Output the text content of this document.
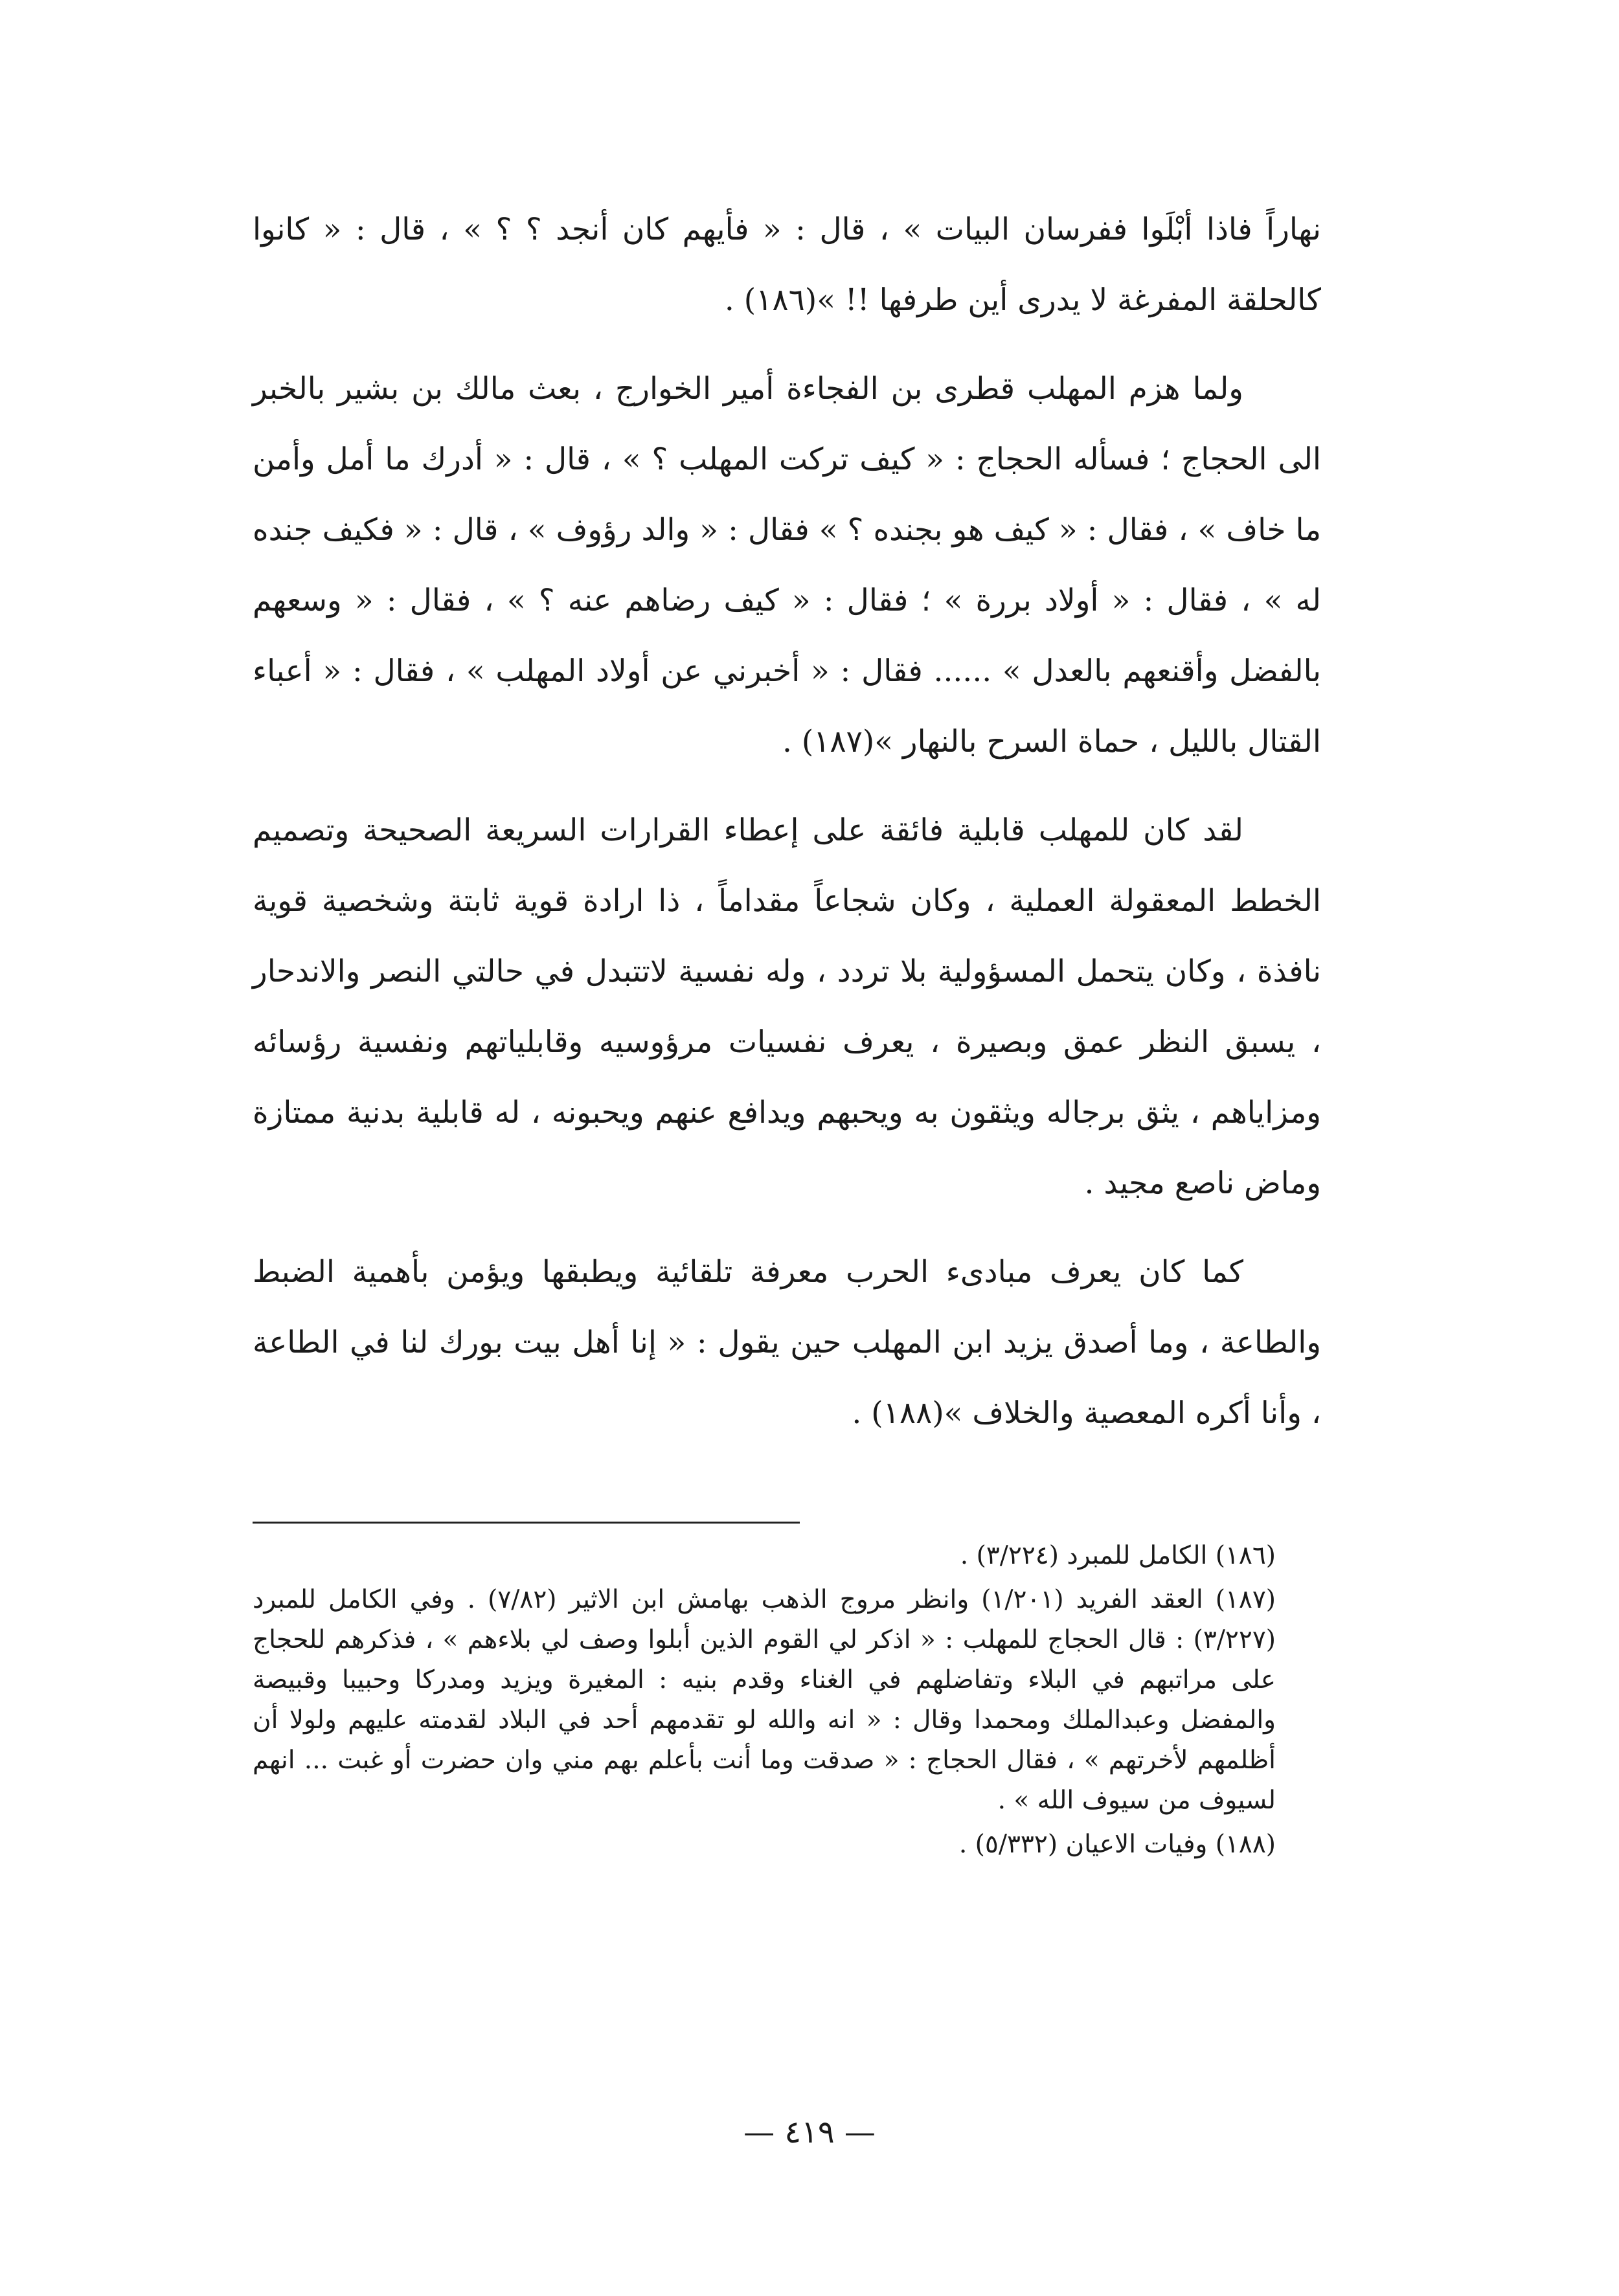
نهاراً فاذا أبْلَوا ففرسان البيات » ، قال : « فأيهم كان أنجد ؟ ؟ » ، قال : « كانوا كالحلقة المفرغة لا يدرى أين طرفها !! »(١٨٦) .

ولما هزم المهلب قطرى بن الفجاءة أمير الخوارج ، بعث مالك بن بشير بالخبر الى الحجاج ؛ فسأله الحجاج : « كيف تركت المهلب ؟ » ، قال : « أدرك ما أمل وأمن ما خاف » ، فقال : « كيف هو بجنده ؟ » فقال : « والد رؤوف » ، قال : « فكيف جنده له » ، فقال : « أولاد بررة » ؛ فقال : « كيف رضاهم عنه ؟ » ، فقال : « وسعهم بالفضل وأقنعهم بالعدل » ...... فقال : « أخبرني عن أولاد المهلب » ، فقال : « أعباء القتال بالليل ، حماة السرح بالنهار »(١٨٧) .

لقد كان للمهلب قابلية فائقة على إعطاء القرارات السريعة الصحيحة وتصميم الخطط المعقولة العملية ، وكان شجاعاً مقداماً ، ذا ارادة قوية ثابتة وشخصية قوية نافذة ، وكان يتحمل المسؤولية بلا تردد ، وله نفسية لاتتبدل في حالتي النصر والاندحار ، يسبق النظر عمق وبصيرة ، يعرف نفسيات مرؤوسيه وقابلياتهم ونفسية رؤسائه ومزاياهم ، يثق برجاله ويثقون به ويحبهم ويدافع عنهم ويحبونه ، له قابلية بدنية ممتازة وماض ناصع مجيد .

كما كان يعرف مبادىء الحرب معرفة تلقائية ويطبقها ويؤمن بأهمية الضبط والطاعة ، وما أصدق يزيد ابن المهلب حين يقول : « إنا أهل بيت بورك لنا في الطاعة ، وأنا أكره المعصية والخلاف »(١٨٨) .

(١٨٦) الكامل للمبرد (٣/٢٢٤) .

(١٨٧) العقد الفريد (١/٢٠١) وانظر مروج الذهب بهامش ابن الاثير (٧/٨٢) . وفي الكامل للمبرد (٣/٢٢٧) : قال الحجاج للمهلب : « اذكر لي القوم الذين أبلوا وصف لي بلاءهم » ، فذكرهم للحجاج على مراتبهم في البلاء وتفاضلهم في الغناء وقدم بنيه : المغيرة ويزيد ومدركا وحبيبا وقبيصة والمفضل وعبدالملك ومحمدا وقال : « انه والله لو تقدمهم أحد في البلاد لقدمته عليهم ولولا أن أظلمهم لأخرتهم » ، فقال الحجاج : « صدقت وما أنت بأعلم بهم مني وان حضرت أو غبت ... انهم لسيوف من سيوف الله » .

(١٨٨) وفيات الاعيان (٥/٣٣٢) .

— ٤١٩ —
